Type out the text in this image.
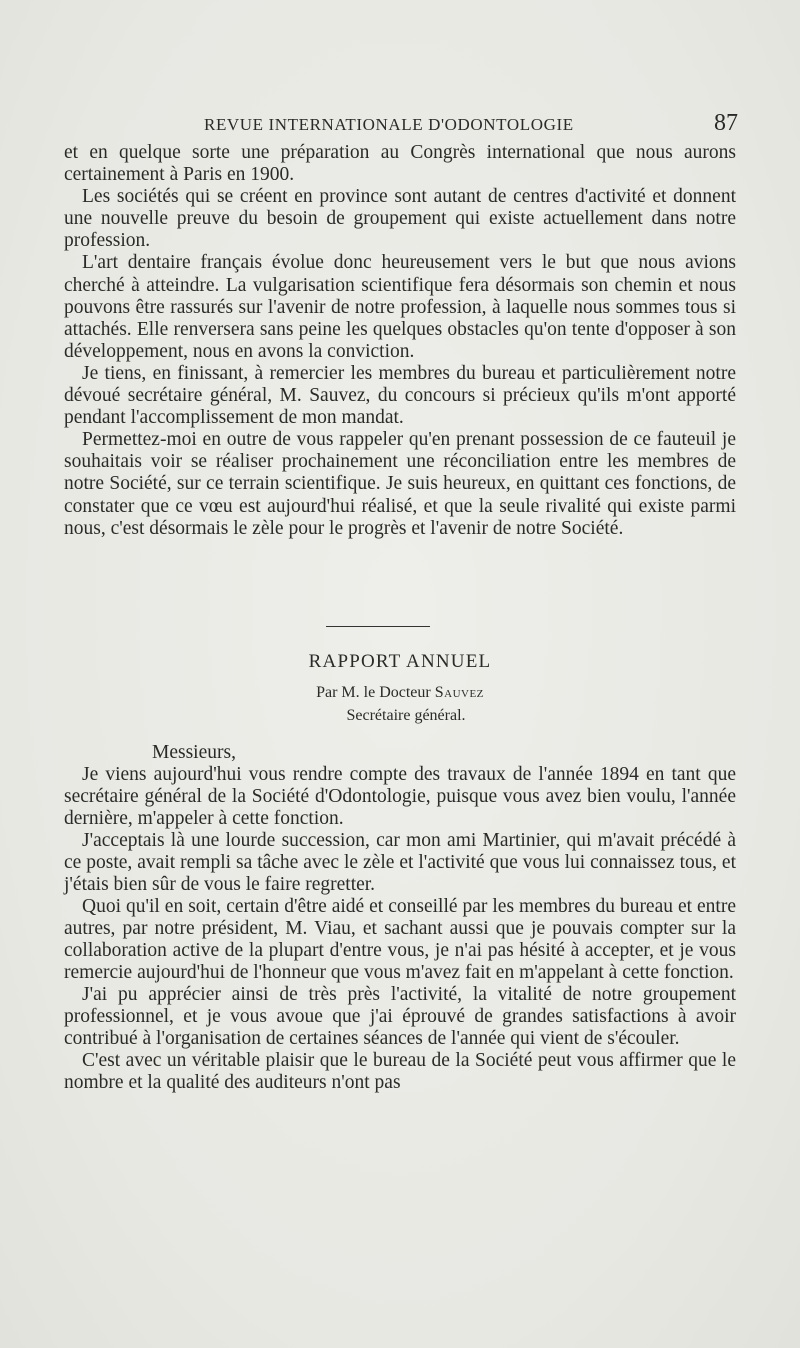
REVUE INTERNATIONALE D'ODONTOLOGIE	87

et en quelque sorte une préparation au Congrès international que nous aurons certainement à Paris en 1900.

Les sociétés qui se créent en province sont autant de centres d'activité et donnent une nouvelle preuve du besoin de groupement qui existe actuellement dans notre profession.

L'art dentaire français évolue donc heureusement vers le but que nous avions cherché à atteindre. La vulgarisation scientifique fera désormais son chemin et nous pouvons être rassurés sur l'avenir de notre profession, à laquelle nous sommes tous si attachés. Elle renversera sans peine les quelques obstacles qu'on tente d'opposer à son développement, nous en avons la conviction.

Je tiens, en finissant, à remercier les membres du bureau et particulièrement notre dévoué secrétaire général, M. Sauvez, du concours si précieux qu'ils m'ont apporté pendant l'accomplissement de mon mandat.

Permettez-moi en outre de vous rappeler qu'en prenant possession de ce fauteuil je souhaitais voir se réaliser prochainement une réconciliation entre les membres de notre Société, sur ce terrain scientifique. Je suis heureux, en quittant ces fonctions, de constater que ce vœu est aujourd'hui réalisé, et que la seule rivalité qui existe parmi nous, c'est désormais le zèle pour le progrès et l'avenir de notre Société.

RAPPORT ANNUEL
Par M. le Docteur Sauvez
Secrétaire général.

Messieurs,

Je viens aujourd'hui vous rendre compte des travaux de l'année 1894 en tant que secrétaire général de la Société d'Odontologie, puisque vous avez bien voulu, l'année dernière, m'appeler à cette fonction.

J'acceptais là une lourde succession, car mon ami Martinier, qui m'avait précédé à ce poste, avait rempli sa tâche avec le zèle et l'activité que vous lui connaissez tous, et j'étais bien sûr de vous le faire regretter.

Quoi qu'il en soit, certain d'être aidé et conseillé par les membres du bureau et entre autres, par notre président, M. Viau, et sachant aussi que je pouvais compter sur la collaboration active de la plupart d'entre vous, je n'ai pas hésité à accepter, et je vous remercie aujourd'hui de l'honneur que vous m'avez fait en m'appelant à cette fonction.

J'ai pu apprécier ainsi de très près l'activité, la vitalité de notre groupement professionnel, et je vous avoue que j'ai éprouvé de grandes satisfactions à avoir contribué à l'organisation de certaines séances de l'année qui vient de s'écouler.

C'est avec un véritable plaisir que le bureau de la Société peut vous affirmer que le nombre et la qualité des auditeurs n'ont pas
